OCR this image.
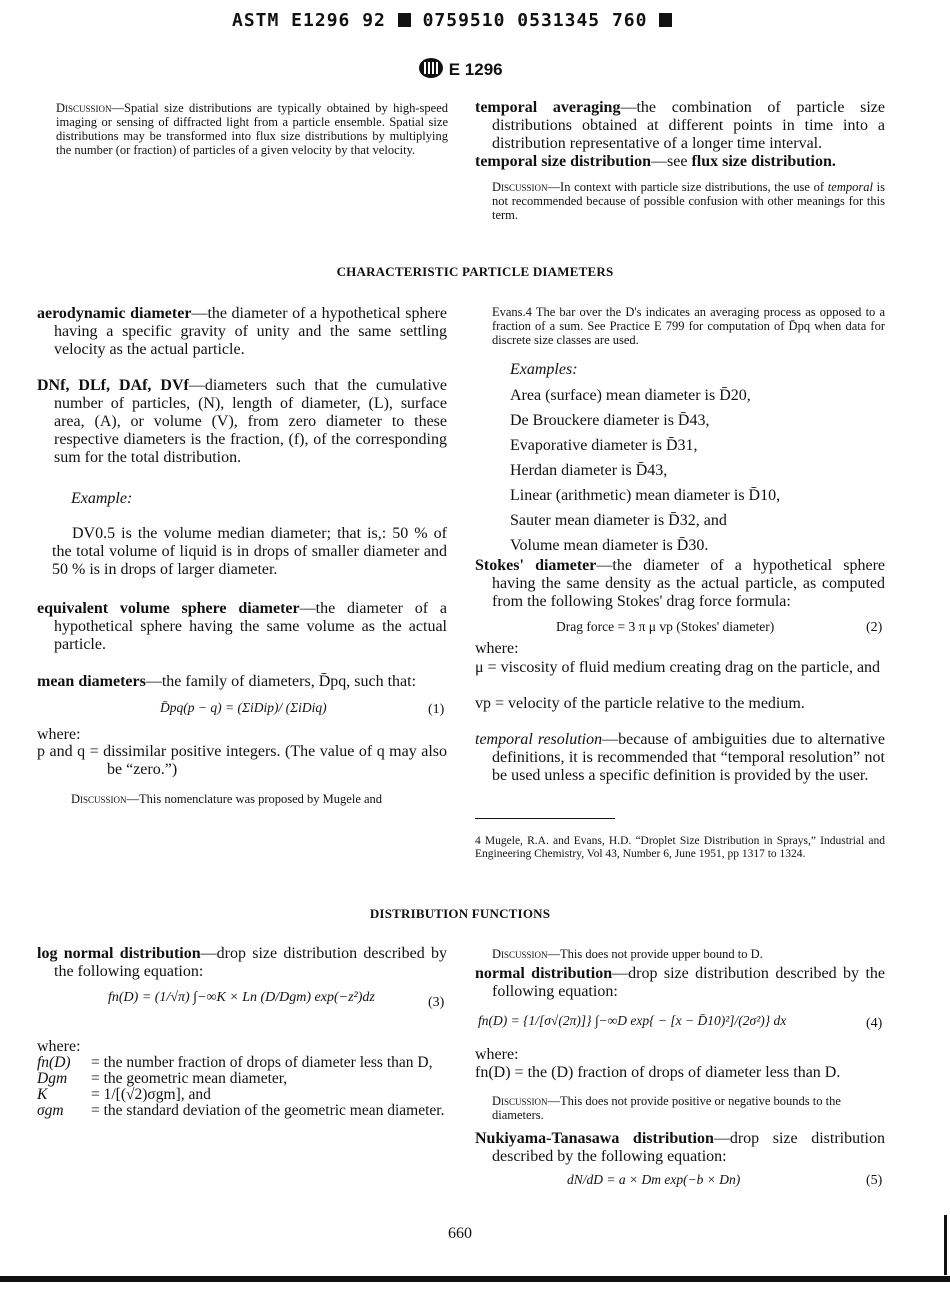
ASTM E1296 92 0759510 0531345 760
E 1296
Discussion—Spatial size distributions are typically obtained by high-speed imaging or sensing of diffracted light from a particle ensemble. Spatial size distributions may be transformed into flux size distributions by multiplying the number (or fraction) of particles of a given velocity by that velocity.

temporal averaging—the combination of particle size distributions obtained at different points in time into a distribution representative of a longer time interval.

temporal size distribution—see flux size distribution.

Discussion—In context with particle size distributions, the use of temporal is not recommended because of possible confusion with other meanings for this term.
CHARACTERISTIC PARTICLE DIAMETERS

aerodynamic diameter—the diameter of a hypothetical sphere having a specific gravity of unity and the same settling velocity as the actual particle.

DNf, DLf, DAf, DVf—diameters such that the cumulative number of particles, (N), length of diameter, (L), surface area, (A), or volume (V), from zero diameter to these respective diameters is the fraction, (f), of the corresponding sum for the total distribution.

Example:
DV0.5 is the volume median diameter; that is,: 50 % of the total volume of liquid is in drops of smaller diameter and 50 % is in drops of larger diameter.

equivalent volume sphere diameter—the diameter of a hypothetical sphere having the same volume as the actual particle.

mean diameters—the family of diameters, D̄pq, such that:

D̄pq(p − q) = (ΣiDip)/ (ΣiDiq)	(1)
where:

p and q = dissimilar positive integers. (The value of q may also be “zero.”)

Discussion—This nomenclature was proposed by Mugele and
Evans.4 The bar over the D's indicates an averaging process as opposed to a fraction of a sum. See Practice E 799 for computation of D̄pq when data for discrete size classes are used.
Examples:
Area (surface) mean diameter is D̄20,
De Brouckere diameter is D̄43,
Evaporative diameter is D̄31,
Herdan diameter is D̄43,
Linear (arithmetic) mean diameter is D̄10,
Sauter mean diameter is D̄32, and
Volume mean diameter is D̄30.

Stokes' diameter—the diameter of a hypothetical sphere having the same density as the actual particle, as computed from the following Stokes' drag force formula:

Drag force = 3 π μ vp (Stokes' diameter)	(2)
where:

μ = viscosity of fluid medium creating drag on the particle, and

vp = velocity of the particle relative to the medium.

temporal resolution—because of ambiguities due to alternative definitions, it is recommended that “temporal resolution” not be used unless a specific definition is provided by the user.

4 Mugele, R.A. and Evans, H.D. “Droplet Size Distribution in Sprays,” Industrial and Engineering Chemistry, Vol 43, Number 6, June 1951, pp 1317 to 1324.
DISTRIBUTION FUNCTIONS

log normal distribution—drop size distribution described by the following equation:

fn(D) = (1/√π) ∫−∞K × Ln (D/Dgm) exp(−z²)dz	(3)
where:
fn(D)	= the number fraction of drops of diameter less than D,
Dgm	= the geometric mean diameter,
K	= 1/[(√2)σgm], and
σgm	= the standard deviation of the geometric mean diameter.
Discussion—This does not provide upper bound to D.

normal distribution—drop size distribution described by the following equation:

fn(D) = {1/[σ√(2π)]} ∫−∞D exp{ − [x − D̄10)²]/(2σ²)} dx	(4)
where:
fn(D) = the (D) fraction of drops of diameter less than D.
Discussion—This does not provide positive or negative bounds to the diameters.

Nukiyama-Tanasawa distribution—drop size distribution described by the following equation:

dN/dD = a × Dm exp(−b × Dn)	(5)
660
